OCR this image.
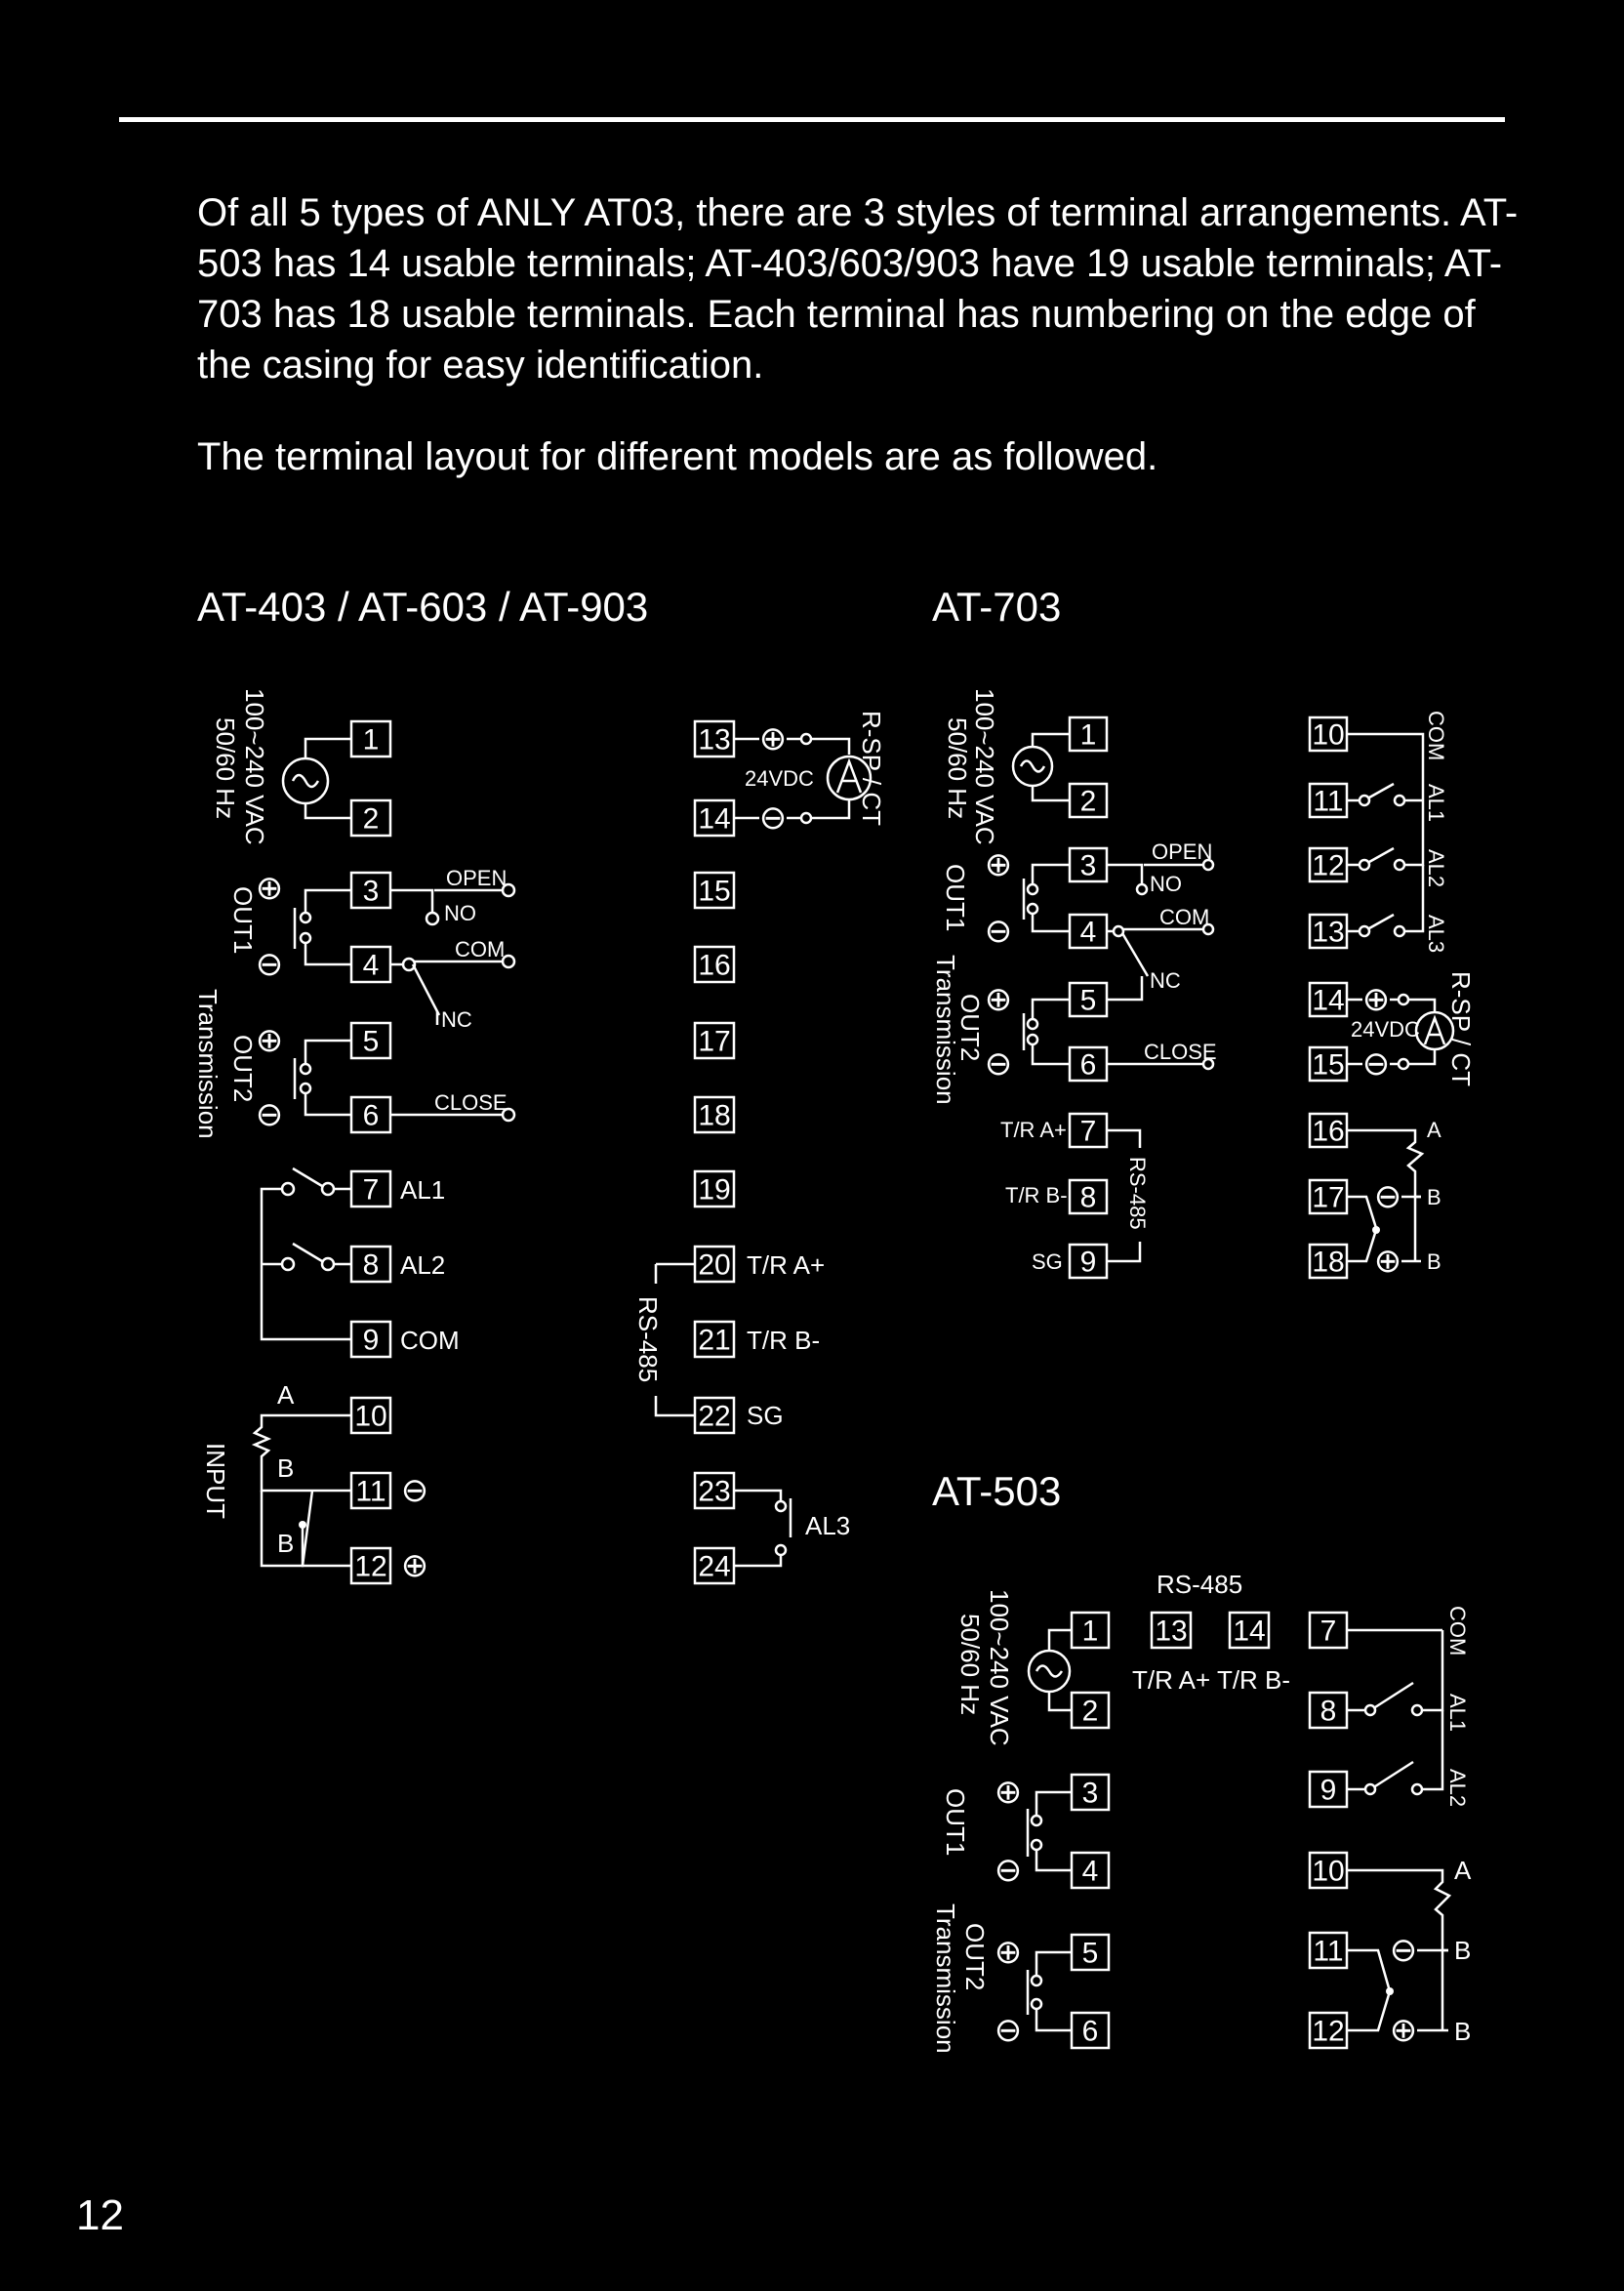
Of all 5 types of ANLY AT03, there are 3 styles of terminal arrangements. AT-503 has 14 usable terminals; AT-403/603/903 have 19 usable terminals; AT-703 has 18 usable terminals. Each terminal has numbering on the edge of the casing for easy identification.

The terminal layout for different models are as followed.

AT-403 / AT-603 / AT-903	AT-703
AT-503
1
2
3
4
5
6
7
8
9
10
11
12
13
14
15
16
17
18
19
20
21
22
23
24
100~240 VAC
50/60 Hz
OUT1
OUT2
Transmission
INPUT
R-SP / CT
RS-485
⊕
⊖
⊕
⊖
NO
OPEN
COM
NC
CLOSE
AL1
AL2
COM
A
B
B
⊖
⊕
⊕
⊖
24VDC
T/R A+
T/R B-
SG
AL3
1
2
3
4
5
6
7
8
9
10
11
12
13
14
15
16
17
18
100~240 VAC
50/60 Hz
OUT1
OUT2
Transmission
⊕
⊖
⊕
⊖
NO
OPEN
COM
NC
CLOSE
T/R A+
T/R B-
SG
RS-485
COM
AL1
AL2
AL3
⊕
⊖
24VDC R-SP / CT
A
B
B
⊖
⊕
1
2
3
4
5
6
13 14 7
8
9
10
11
12
100~240 VAC
50/60 Hz
OUT1
OUT2
Transmission
⊕
⊖
⊕
⊖
RS-485
T/R A+ T/R B-
COM
AL1
AL2
A
B
B
⊖
⊕
12
